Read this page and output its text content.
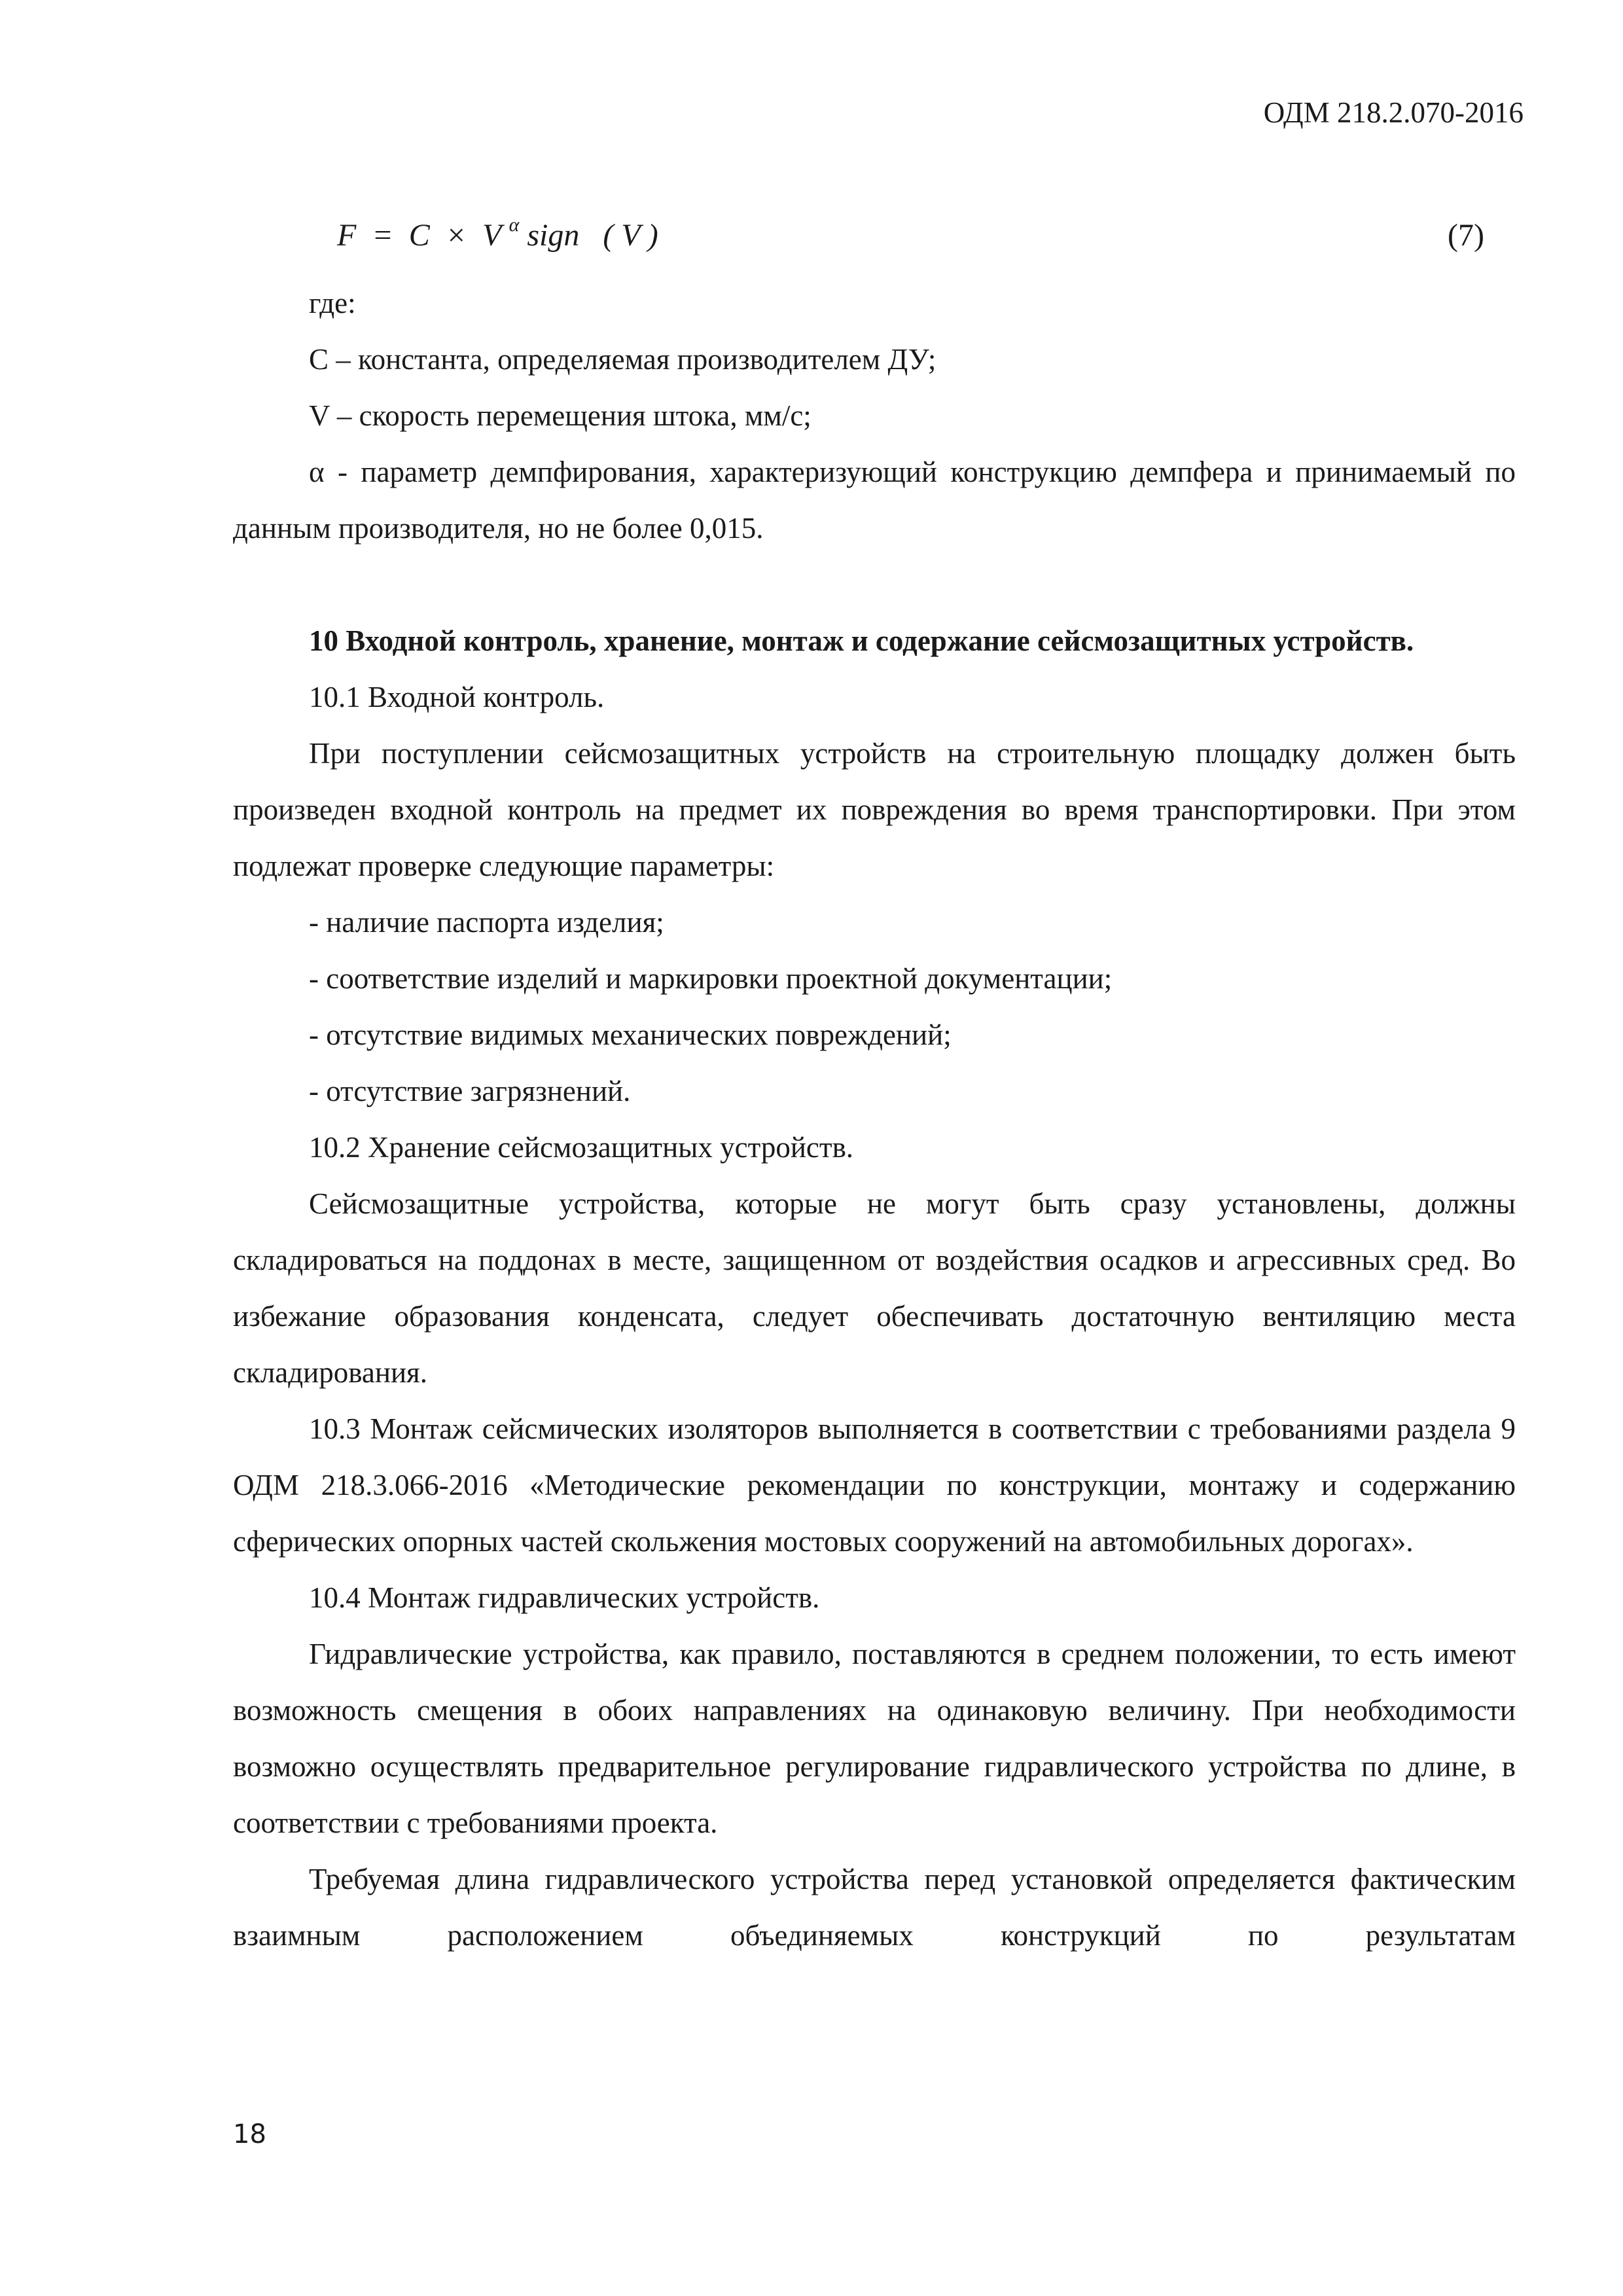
ОДМ 218.2.070-2016
F  =  C  ×  V $^\alpha$ sign   ( V )	(7)

где:

С – константа, определяемая производителем ДУ;

V – скорость перемещения штока, мм/с;

α - параметр демпфирования, характеризующий конструкцию демпфера и принимаемый по данным производителя, но не более 0,015.

10 Входной контроль, хранение, монтаж и содержание сейсмозащитных устройств.

10.1 Входной контроль.

При поступлении сейсмозащитных устройств на строительную площадку должен быть произведен входной контроль на предмет их повреждения во время транспортировки. При этом подлежат проверке следующие параметры:

- наличие паспорта изделия;

- соответствие изделий и маркировки проектной документации;

- отсутствие видимых механических повреждений;

- отсутствие загрязнений.

10.2 Хранение сейсмозащитных устройств.

Сейсмозащитные устройства, которые не могут быть сразу установлены, должны складироваться на поддонах в месте, защищенном от воздействия осадков и агрессивных сред. Во избежание образования конденсата, следует обеспечивать достаточную вентиляцию места складирования.

10.3 Монтаж сейсмических изоляторов выполняется в соответствии с требованиями раздела 9 ОДМ 218.3.066-2016 «Методические рекомендации по конструкции, монтажу и содержанию сферических опорных частей скольжения мостовых сооружений на автомобильных дорогах».

10.4 Монтаж гидравлических устройств.

Гидравлические устройства, как правило, поставляются в среднем положении, то есть имеют возможность смещения в обоих направлениях на одинаковую величину. При необходимости возможно осуществлять предварительное регулирование гидравлического устройства по длине, в соответствии с требованиями проекта.

Требуемая длина гидравлического устройства перед установкой определяется фактическим взаимным расположением объединяемых конструкций по результатам

18
